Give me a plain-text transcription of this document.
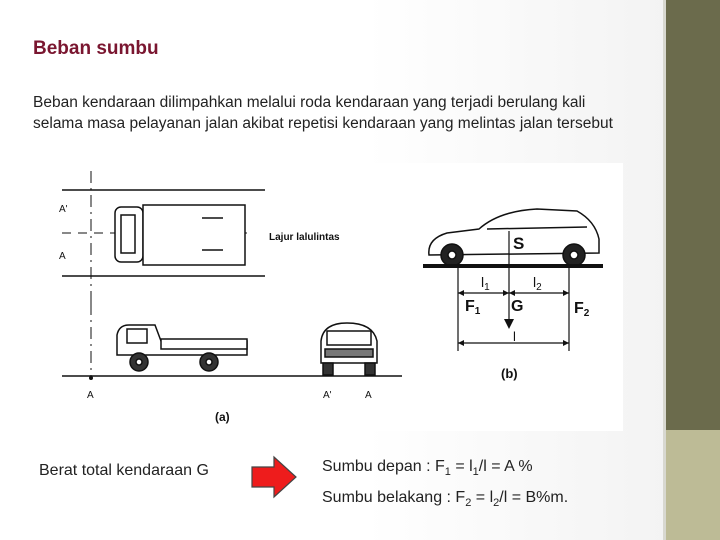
Beban sumbu
Beban kendaraan dilimpahkan melalui roda kendaraan yang terjadi berulang kali selama masa pelayanan jalan akibat repetisi kendaraan yang melintas jalan tersebut
A'
A
Lajur lalulintas
A	A'	A
(a)
S
$l_1$	$l_2$
F1 G	F2
l
(b)
Berat total kendaraan G	Sumbu depan : $F_1 = l_1/l = A$ %
Sumbu belakang : $F_2 = l_2/l = B\%m$.
